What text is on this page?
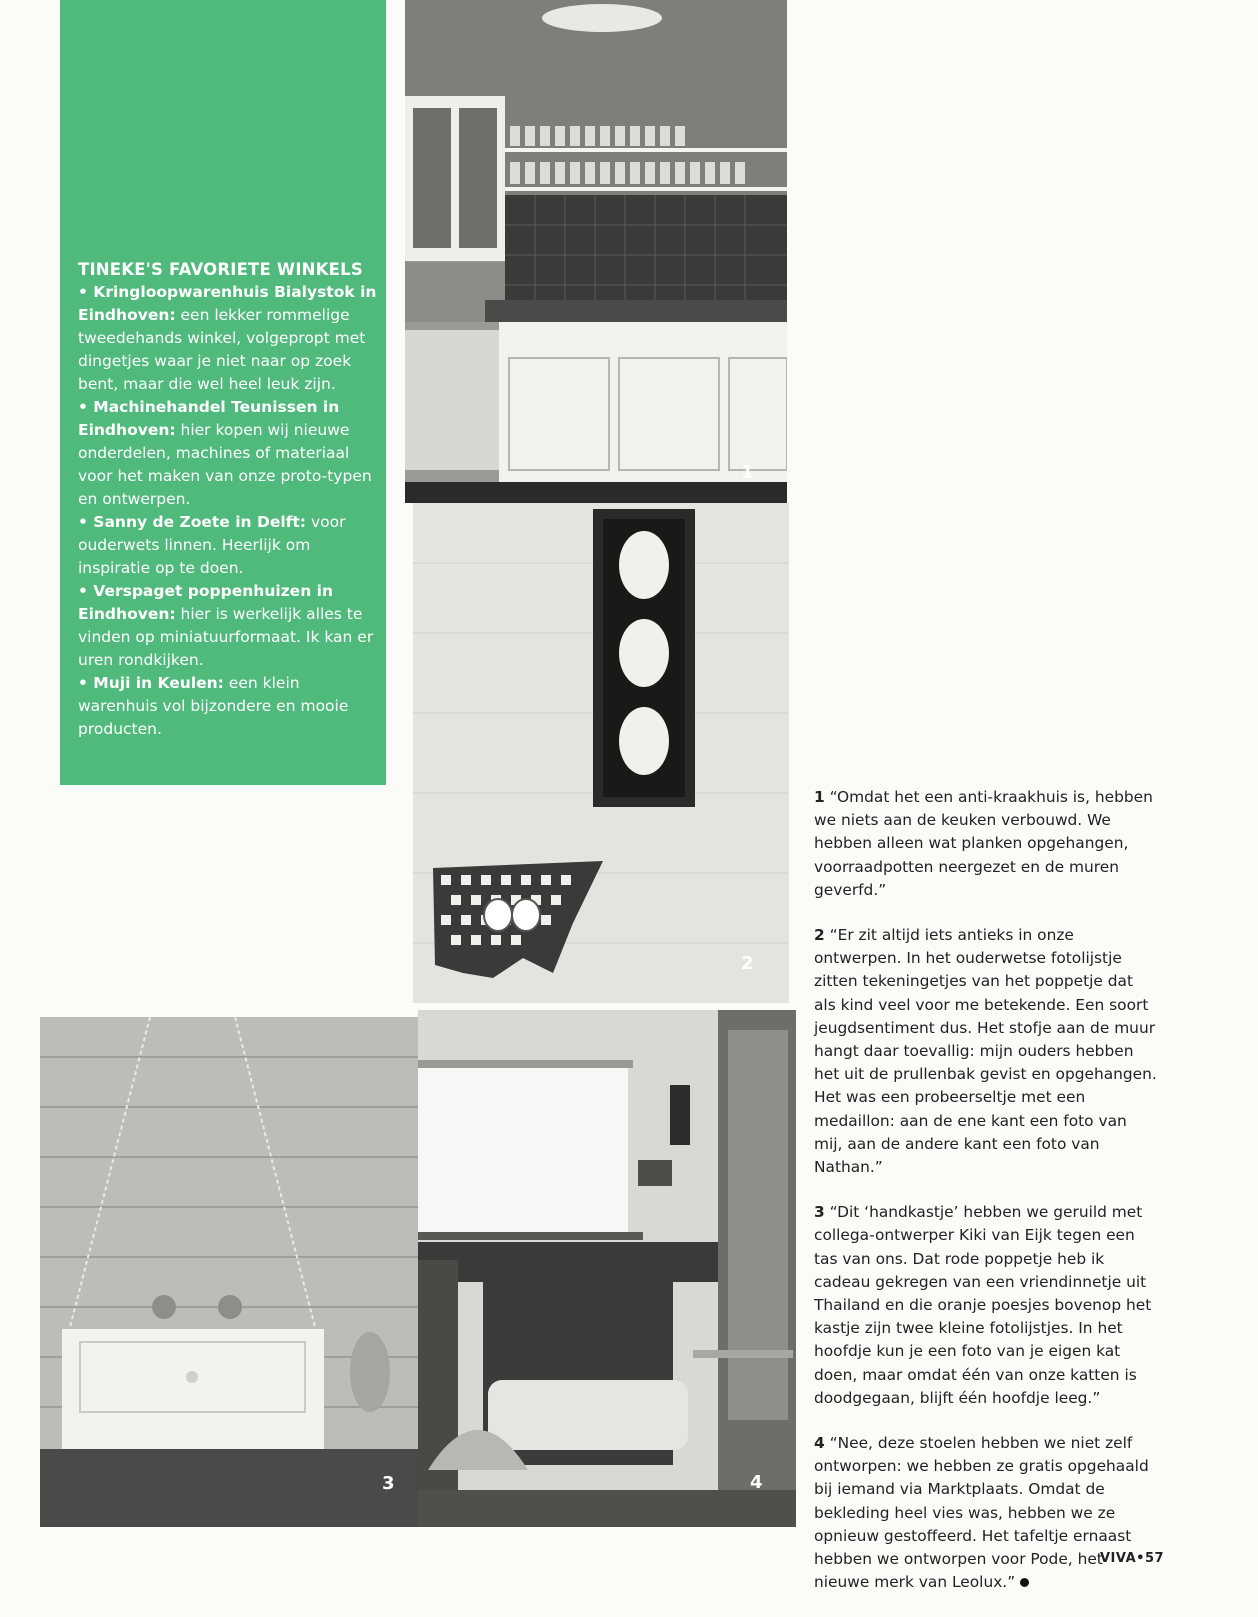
TINEKE'S FAVORIETE WINKELS

• Kringloopwarenhuis Bialystok in Eindhoven: een lekker rommelige tweedehands winkel, volgepropt met dingetjes waar je niet naar op zoek bent, maar die wel heel leuk zijn.

• Machinehandel Teunissen in Eindhoven: hier kopen wij nieuwe onderdelen, machines of materiaal voor het maken van onze proto-typen en ontwerpen.

• Sanny de Zoete in Delft: voor ouderwets linnen. Heerlijk om inspiratie op te doen.

• Verspaget poppenhuizen in Eindhoven: hier is werkelijk alles te vinden op miniatuurformaat. Ik kan er uren rondkijken.

• Muji in Keulen: een klein warenhuis vol bijzondere en mooie producten.

1
2
3	4

1 “Omdat het een anti-kraakhuis is, hebben we niets aan de keuken verbouwd. We hebben alleen wat planken opgehangen, voorraadpotten neergezet en de muren geverfd.”

2 “Er zit altijd iets antieks in onze ontwerpen. In het ouderwetse fotolijstje zitten tekeningetjes van het poppetje dat als kind veel voor me betekende. Een soort jeugdsentiment dus. Het stofje aan de muur hangt daar toevallig: mijn ouders hebben het uit de prullenbak gevist en opgehangen. Het was een probeerseltje met een medaillon: aan de ene kant een foto van mij, aan de andere kant een foto van Nathan.”

3 “Dit ‘handkastje’ hebben we geruild met collega-ontwerper Kiki van Eijk tegen een tas van ons. Dat rode poppetje heb ik cadeau gekregen van een vriendinnetje uit Thailand en die oranje poesjes bovenop het kastje zijn twee kleine fotolijstjes. In het hoofdje kun je een foto van je eigen kat doen, maar omdat één van onze katten is doodgegaan, blijft één hoofdje leeg.”

4 “Nee, deze stoelen hebben we niet zelf ontworpen: we hebben ze gratis opgehaald bij iemand via Marktplaats. Omdat de bekleding heel vies was, hebben we ze opnieuw gestoffeerd. Het tafeltje ernaast hebben we ontworpen voor Pode, het nieuwe merk van Leolux.”

VIVA•57
